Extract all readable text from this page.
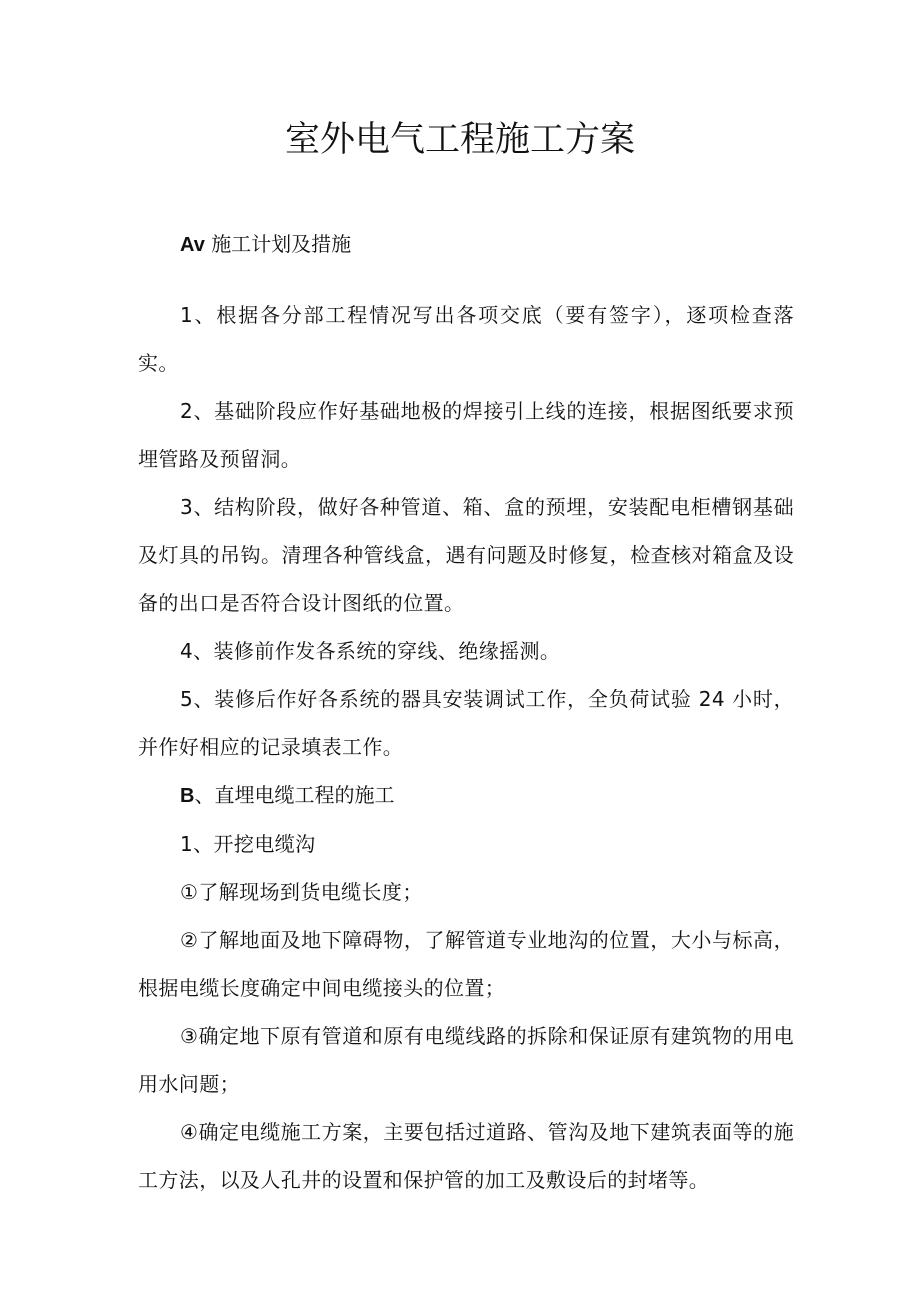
室外电气工程施工方案

Av 施工计划及措施

1、根据各分部工程情况写出各项交底（要有签字），逐项检查落实。

2、基础阶段应作好基础地极的焊接引上线的连接，根据图纸要求预埋管路及预留洞。

3、结构阶段，做好各种管道、箱、盒的预埋，安装配电柜槽钢基础及灯具的吊钩。清理各种管线盒，遇有问题及时修复，检查核对箱盒及设备的出口是否符合设计图纸的位置。

4、装修前作发各系统的穿线、绝缘摇测。

5、装修后作好各系统的器具安装调试工作，全负荷试验 24 小时，并作好相应的记录填表工作。

B、直埋电缆工程的施工

1、开挖电缆沟

①了解现场到货电缆长度；

②了解地面及地下障碍物，了解管道专业地沟的位置，大小与标高，根据电缆长度确定中间电缆接头的位置；

③确定地下原有管道和原有电缆线路的拆除和保证原有建筑物的用电用水问题；

④确定电缆施工方案，主要包括过道路、管沟及地下建筑表面等的施工方法，以及人孔井的设置和保护管的加工及敷设后的封堵等。
